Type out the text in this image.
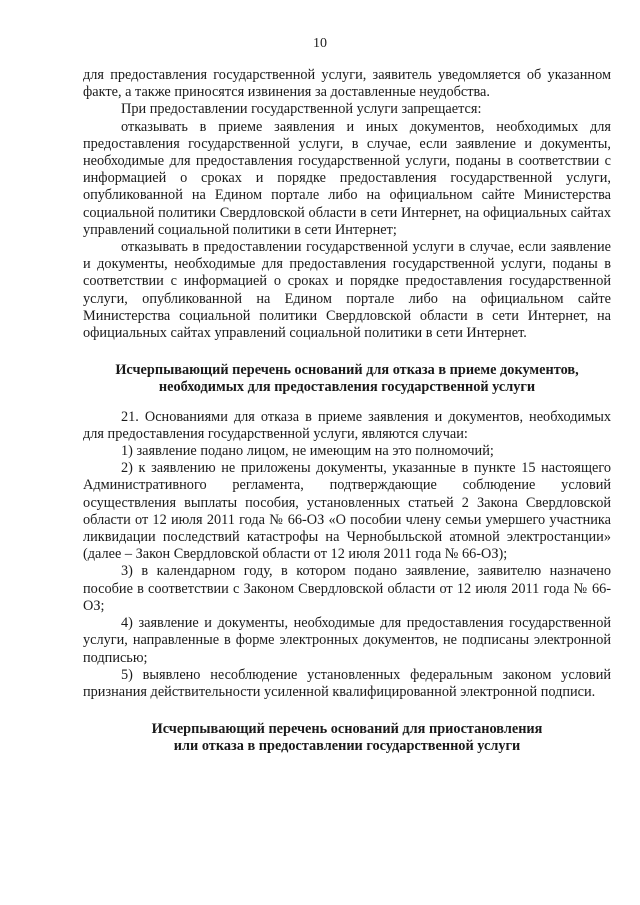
10

для предоставления государственной услуги, заявитель уведомляется об указанном факте, а также приносятся извинения за доставленные неудобства.

При предоставлении государственной услуги запрещается:

отказывать в приеме заявления и иных документов, необходимых для предоставления государственной услуги, в случае, если заявление и документы, необходимые для предоставления государственной услуги, поданы в соответствии с информацией о сроках и порядке предоставления государственной услуги, опубликованной на Едином портале либо на официальном сайте Министерства социальной политики Свердловской области в сети Интернет, на официальных сайтах управлений социальной политики в сети Интернет;

отказывать в предоставлении государственной услуги в случае, если заявление и документы, необходимые для предоставления государственной услуги, поданы в соответствии с информацией о сроках и порядке предоставления государственной услуги, опубликованной на Едином портале либо на официальном сайте Министерства социальной политики Свердловской области в сети Интернет, на официальных сайтах управлений социальной политики в сети Интернет.

Исчерпывающий перечень оснований для отказа в приеме документов,

необходимых для предоставления государственной услуги

21. Основаниями для отказа в приеме заявления и документов, необходимых для предоставления государственной услуги, являются случаи:

1) заявление подано лицом, не имеющим на это полномочий;

2) к заявлению не приложены документы, указанные в пункте 15 настоящего Административного регламента, подтверждающие соблюдение условий осуществления выплаты пособия, установленных статьей 2 Закона Свердловской области от 12 июля 2011 года № 66-ОЗ «О пособии члену семьи умершего участника ликвидации последствий катастрофы на Чернобыльской атомной электростанции» (далее – Закон Свердловской области от 12 июля 2011 года № 66-ОЗ);

3) в календарном году, в котором подано заявление, заявителю назначено пособие в соответствии с Законом Свердловской области от 12 июля 2011 года № 66-ОЗ;

4) заявление и документы, необходимые для предоставления государственной услуги, направленные в форме электронных документов, не подписаны электронной подписью;

5) выявлено несоблюдение установленных федеральным законом условий признания действительности усиленной квалифицированной электронной подписи.

Исчерпывающий перечень оснований для приостановления

или отказа в предоставлении государственной услуги
